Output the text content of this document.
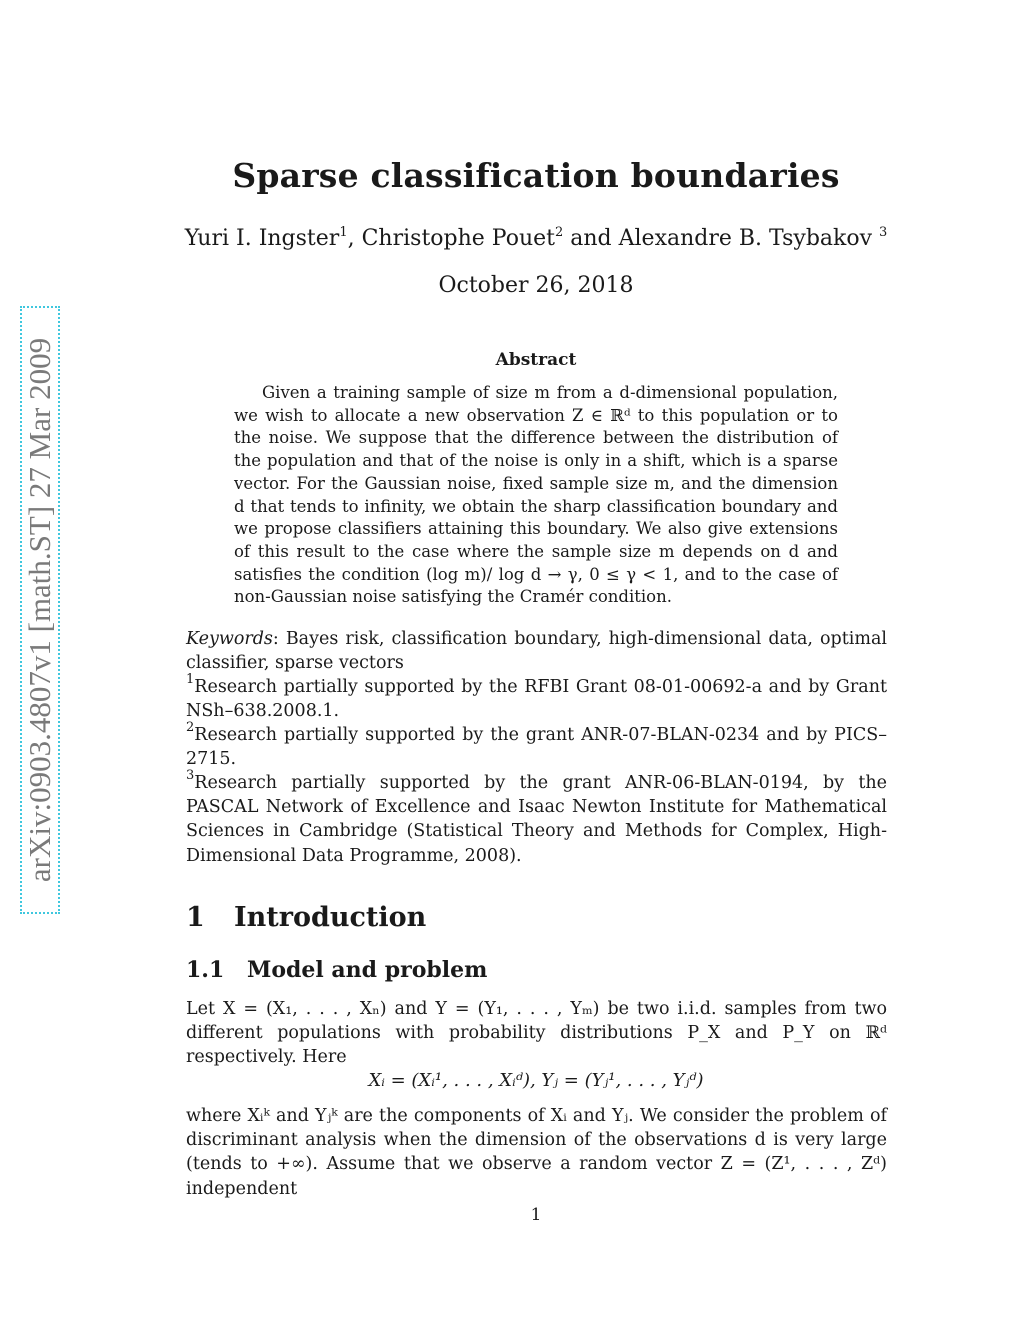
arXiv:0903.4807v1 [math.ST] 27 Mar 2009
Sparse classification boundaries
Yuri I. Ingster$^1$, Christophe Pouet$^2$ and Alexandre B. Tsybakov $^3$
October 26, 2018
Abstract

Given a training sample of size m from a d-dimensional population, we wish to allocate a new observation Z ∈ ℝᵈ to this population or to the noise. We suppose that the difference between the distribution of the population and that of the noise is only in a shift, which is a sparse vector. For the Gaussian noise, fixed sample size m, and the dimension d that tends to infinity, we obtain the sharp classification boundary and we propose classifiers attaining this boundary. We also give extensions of this result to the case where the sample size m depends on d and satisfies the condition (log m)/ log d → γ, 0 ≤ γ < 1, and to the case of non-Gaussian noise satisfying the Cramér condition.

Keywords: Bayes risk, classification boundary, high-dimensional data, optimal classifier, sparse vectors

$^1$Research partially supported by the RFBI Grant 08-01-00692-a and by Grant NSh–638.2008.1.

$^2$Research partially supported by the grant ANR-07-BLAN-0234 and by PICS–2715.

$^3$Research partially supported by the grant ANR-06-BLAN-0194, by the PASCAL Network of Excellence and Isaac Newton Institute for Mathematical Sciences in Cambridge (Statistical Theory and Methods for Complex, High-Dimensional Data Programme, 2008).

1 Introduction
1.1 Model and problem

Let X = (X₁, . . . , Xₙ) and Y = (Y₁, . . . , Yₘ) be two i.i.d. samples from two different populations with probability distributions P_X and P_Y on ℝᵈ respectively. Here

Xᵢ = (Xᵢ¹, . . . , Xᵢᵈ), Yⱼ = (Yⱼ¹, . . . , Yⱼᵈ)

where Xᵢᵏ and Yⱼᵏ are the components of Xᵢ and Yⱼ. We consider the problem of discriminant analysis when the dimension of the observations d is very large (tends to +∞). Assume that we observe a random vector Z = (Z¹, . . . , Zᵈ) independent

1
